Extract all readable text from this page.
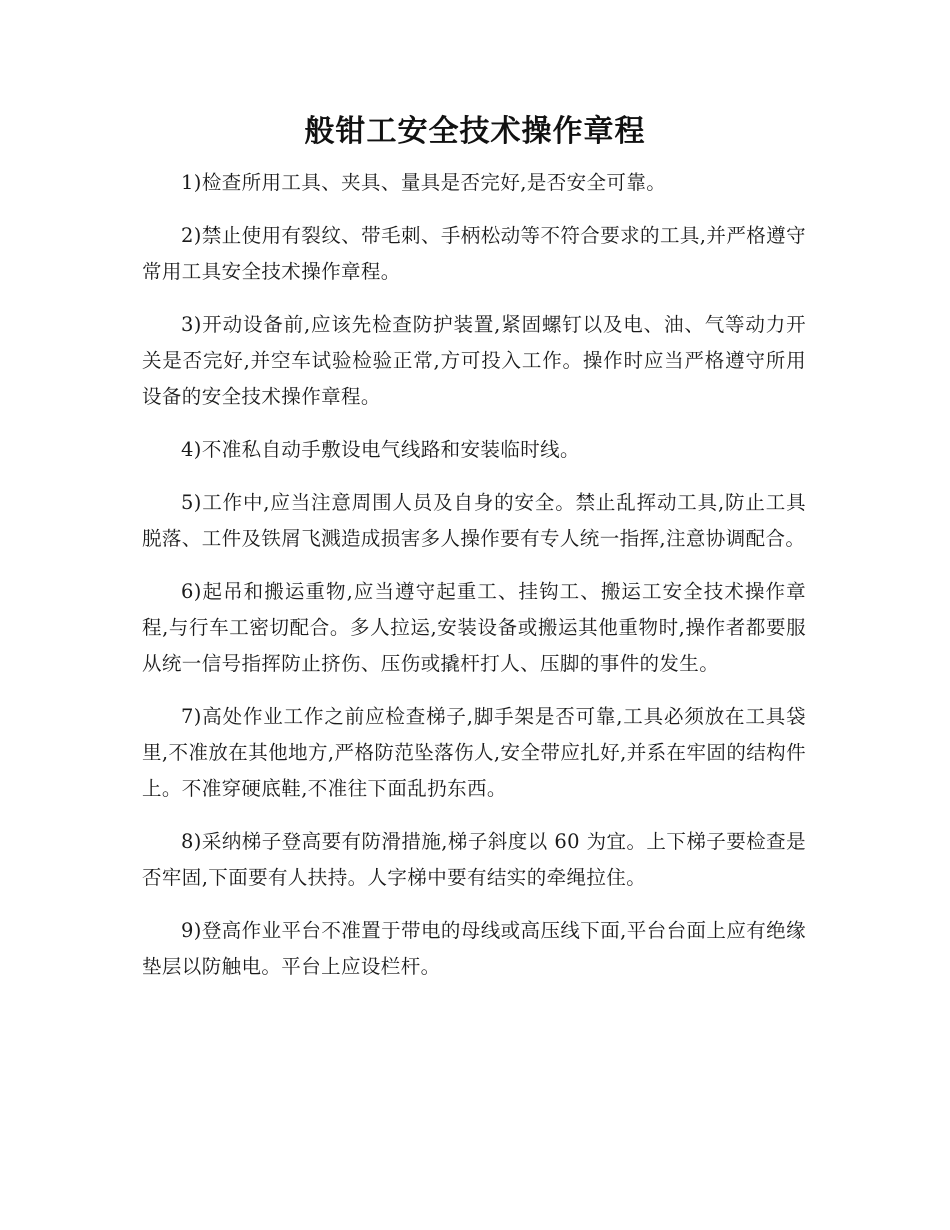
般钳工安全技术操作章程

1)检查所用工具、夹具、量具是否完好,是否安全可靠。

2)禁止使用有裂纹、带毛刺、手柄松动等不符合要求的工具,并严格遵守常用工具安全技术操作章程。

3)开动设备前,应该先检查防护装置,紧固螺钉以及电、油、气等动力开关是否完好,并空车试验检验正常,方可投入工作。操作时应当严格遵守所用设备的安全技术操作章程。

4)不准私自动手敷设电气线路和安装临时线。

5)工作中,应当注意周围人员及自身的安全。禁止乱挥动工具,防止工具脱落、工件及铁屑飞溅造成损害多人操作要有专人统一指挥,注意协调配合。

6)起吊和搬运重物,应当遵守起重工、挂钩工、搬运工安全技术操作章程,与行车工密切配合。多人拉运,安装设备或搬运其他重物时,操作者都要服从统一信号指挥防止挤伤、压伤或撬杆打人、压脚的事件的发生。

7)高处作业工作之前应检查梯子,脚手架是否可靠,工具必须放在工具袋里,不准放在其他地方,严格防范坠落伤人,安全带应扎好,并系在牢固的结构件上。不准穿硬底鞋,不准往下面乱扔东西。

8)采纳梯子登高要有防滑措施,梯子斜度以 60 为宜。上下梯子要检查是否牢固,下面要有人扶持。人字梯中要有结实的牵绳拉住。

9)登高作业平台不准置于带电的母线或高压线下面,平台台面上应有绝缘垫层以防触电。平台上应设栏杆。
